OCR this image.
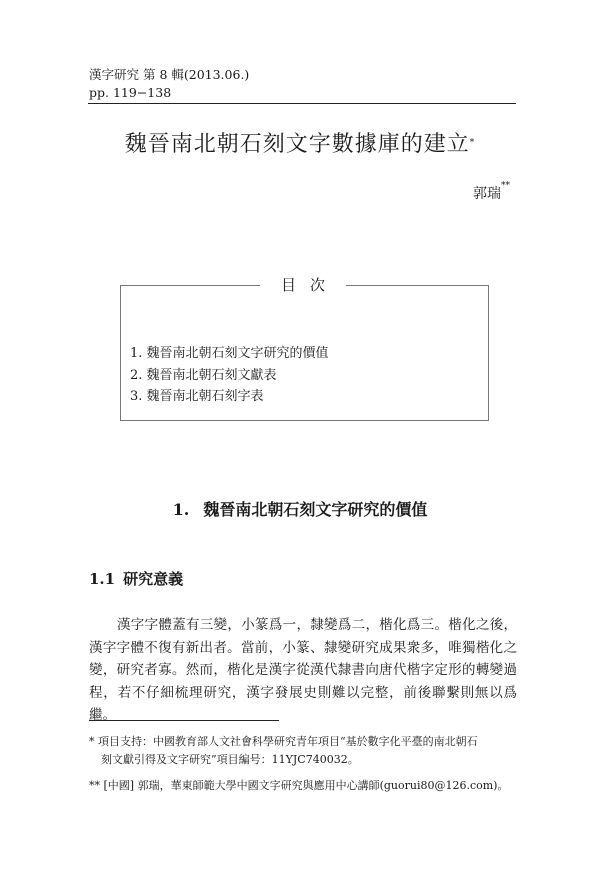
漢字研究 第 8 輯(2013.06.)
pp. 119−138
魏晉南北朝石刻文字數據庫的建立*
郭瑞**
目次
1. 魏晉南北朝石刻文字研究的價值
2. 魏晉南北朝石刻文獻表
3. 魏晉南北朝石刻字表
1. 魏晉南北朝石刻文字研究的價值
1.1 研究意義
漢字字體蓋有三變，小篆爲一，隸變爲二，楷化爲三。楷化之後，漢字字體不復有新出者。當前，小篆、隸變研究成果衆多，唯獨楷化之變，研究者寡。然而，楷化是漢字從漢代隸書向唐代楷字定形的轉變過程，若不仔細梳理研究，漢字發展史則難以完整，前後聯繫則無以爲繼。
* 項目支持：中國教育部人文社會科學研究青年項目“基於數字化平臺的南北朝石
刻文獻引得及文字研究”項目編号：11YJC740032。
** [中國] 郭瑞，華東師範大學中國文字研究與應用中心講師(guorui80@126.com)。
